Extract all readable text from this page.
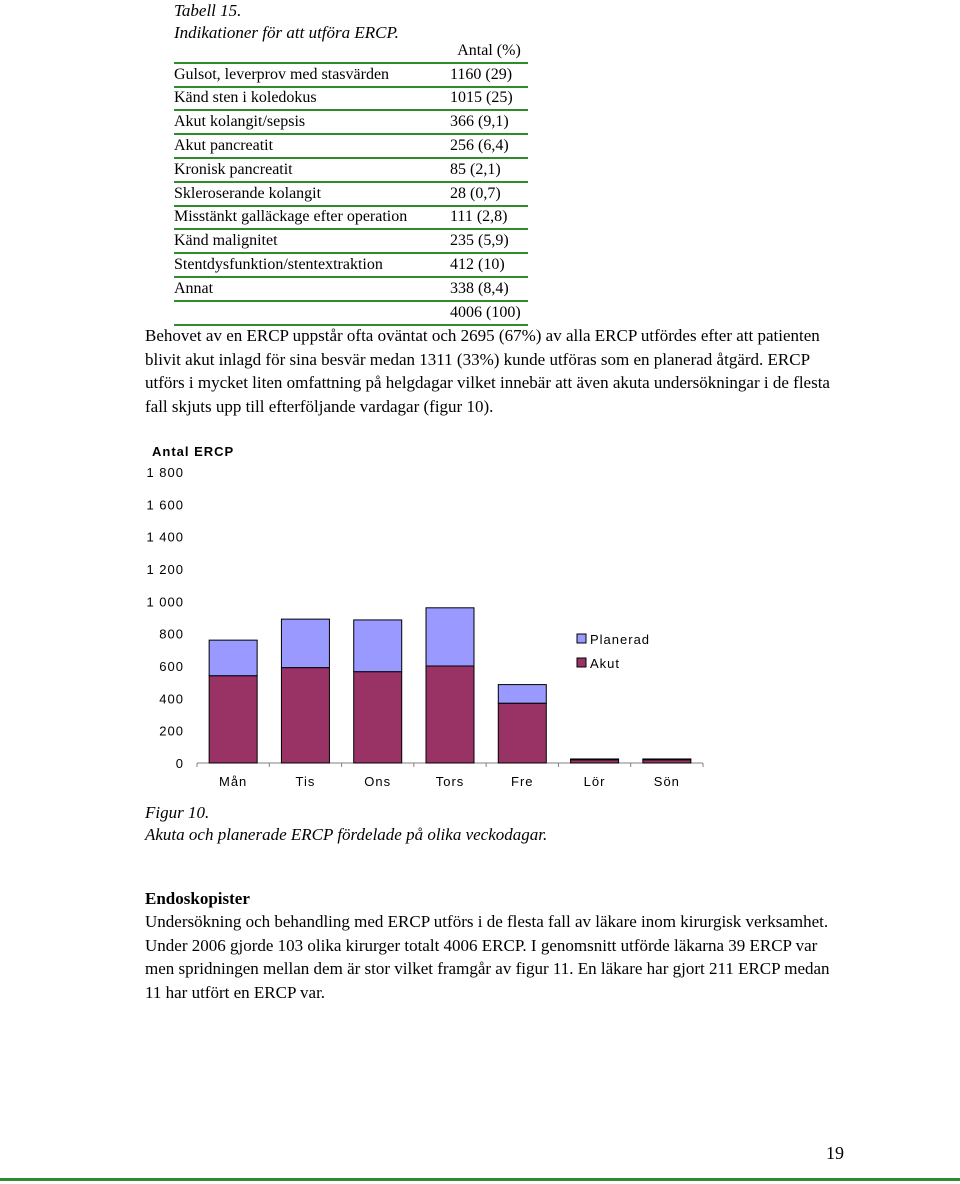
Tabell 15.
Indikationer för att utföra ERCP.
	Antal (%)
Gulsot, leverprov med stasvärden	1160 (29)
Känd sten i koledokus	1015 (25)
Akut kolangit/sepsis	366 (9,1)
Akut pancreatit	256 (6,4)
Kronisk pancreatit	85 (2,1)
Skleroserande kolangit	28 (0,7)
Misstänkt galläckage efter operation	111 (2,8)
Känd malignitet	235 (5,9)
Stentdysfunktion/stentextraktion	412 (10)
Annat	338 (8,4)
	4006 (100)
Behovet av en ERCP uppstår ofta oväntat och 2695 (67%) av alla ERCP utfördes efter att patienten blivit akut inlagd för sina besvär medan 1311 (33%) kunde utföras som en planerad åtgärd. ERCP utförs i mycket liten omfattning på helgdagar vilket innebär att även akuta undersökningar i de flesta fall skjuts upp till efterföljande vardagar (figur 10).
Antal ERCP
0
200
400
600
800
1 000
1 200
1 400
1 600
1 800
Mån	Tis	Ons	Tors	Fre	Lör	Sön
Planerad
Akut
Figur 10.
Akuta och planerade ERCP fördelade på olika veckodagar.
Endoskopister
Undersökning och behandling med ERCP utförs i de flesta fall av läkare inom kirurgisk verksamhet. Under 2006 gjorde 103 olika kirurger totalt 4006 ERCP. I genomsnitt utförde läkarna 39 ERCP var men spridningen mellan dem är stor vilket framgår av figur 11. En läkare har gjort 211 ERCP medan 11 har utfört en ERCP var.
19
